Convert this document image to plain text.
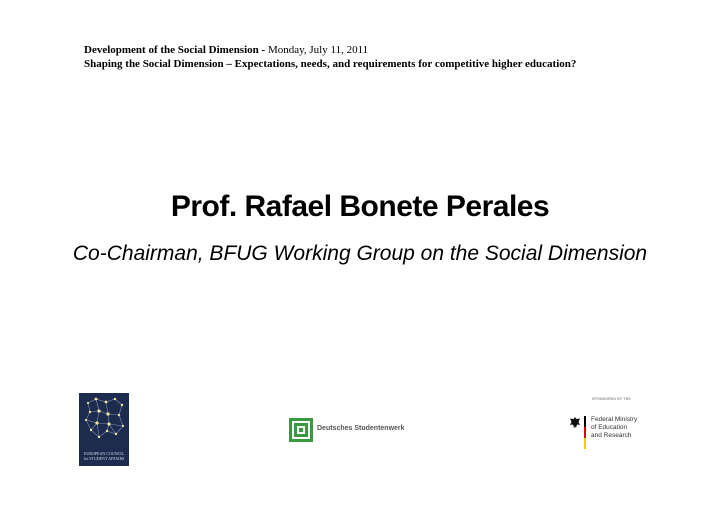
Development of the Social Dimension - Monday, July 11, 2011
Shaping the Social Dimension – Expectations, needs, and requirements for competitive higher education?
Prof. Rafael Bonete Perales
Co-Chairman, BFUG Working Group on the Social Dimension
EUROPEAN COUNCIL
for STUDENT AFFAIRS
Deutsches Studentenwerk
SPONSORED BY THE
Federal Ministry
of Education
and Research
